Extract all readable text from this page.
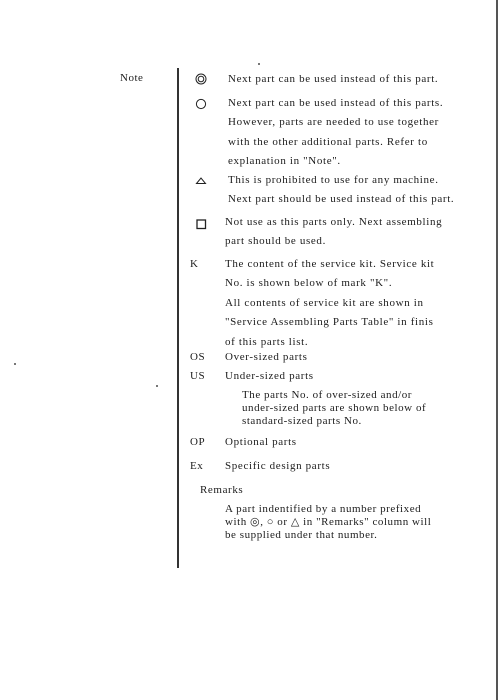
Note	Next part can be used instead of this part.
Next part can be used instead of this parts.
However, parts are needed to use together
with the other additional parts. Refer to
explanation in "Note".
This is prohibited to use for any machine.
Next part should be used instead of this part.
Not use as this parts only. Next assembling
part should be used.
K The content of the service kit. Service kit
No. is shown below of mark "K".
All contents of service kit are shown in
"Service Assembling Parts Table" in finis
of this parts list.
OS Over-sized parts
US Under-sized parts
The parts No. of over-sized and/or
under-sized parts are shown below of
standard-sized parts No.
OP Optional parts
Ex Specific design parts
Remarks
A part indentified by a number prefixed
with ◎, ○ or △ in "Remarks" column will
be supplied under that number.
